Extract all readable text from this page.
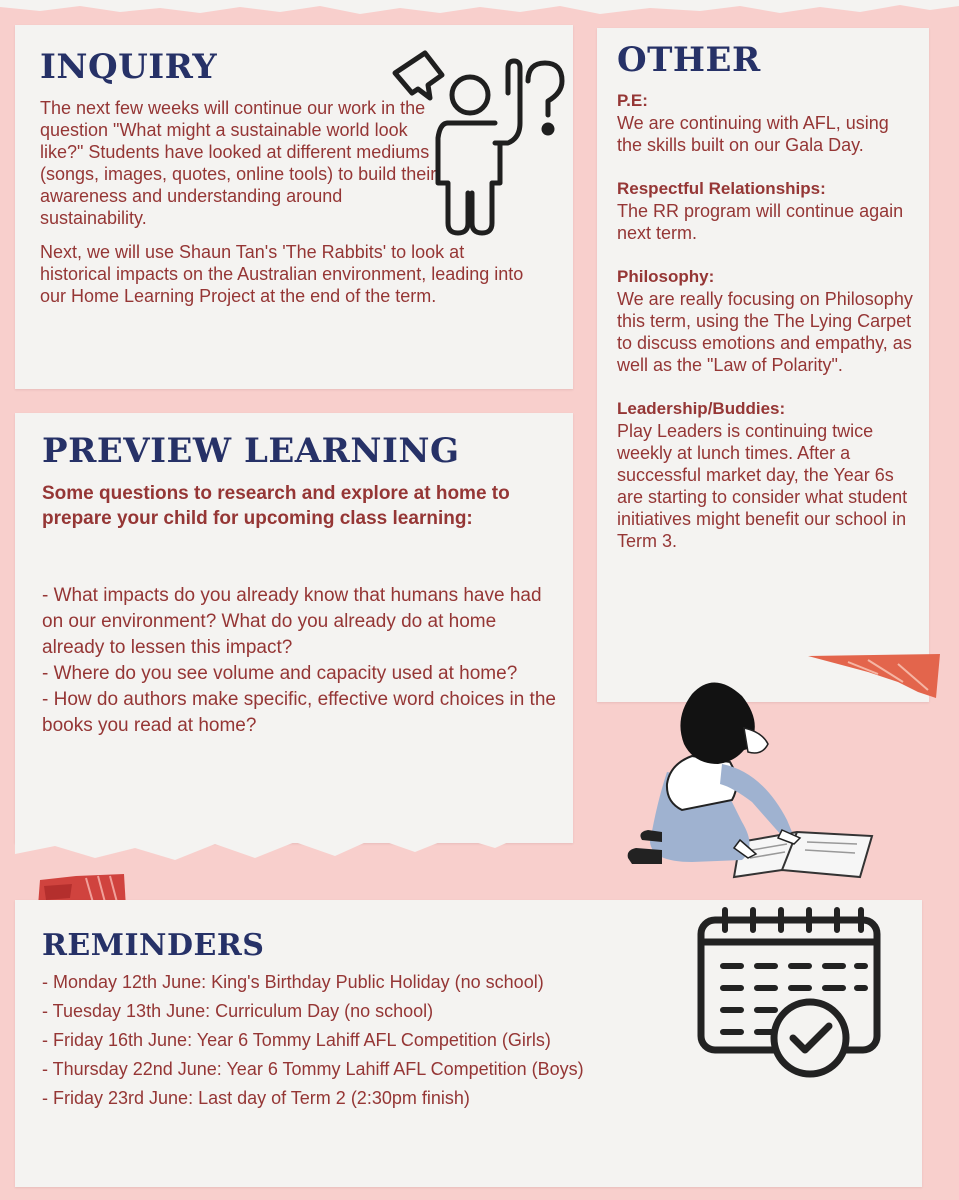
INQUIRY

The next few weeks will continue our work in the question "What might a sustainable world look like?" Students have looked at different mediums (songs, images, quotes, online tools) to build their awareness and understanding around sustainability.

Next, we will use Shaun Tan's 'The Rabbits' to look at historical impacts on the Australian environment, leading into our Home Learning Project at the end of the term.

PREVIEW LEARNING

Some questions to research and explore at home to prepare your child for upcoming class learning:

- What impacts do you already know that humans have had on our environment? What do you already do at home already to lessen this impact?
- Where do you see volume and capacity used at home?
- How do authors make specific, effective word choices in the books you read at home?
OTHER
P.E:
We are continuing with AFL, using the skills built on our Gala Day.
Respectful Relationships:
The RR program will continue again next term.
Philosophy:
We are really focusing on Philosophy this term, using the The Lying Carpet to discuss emotions and empathy, as well as the "Law of Polarity".
Leadership/Buddies:
Play Leaders is continuing twice weekly at lunch times. After a successful market day, the Year 6s are starting to consider what student initiatives might benefit our school in Term 3.
REMINDERS
- Monday 12th June: King's Birthday Public Holiday (no school)
- Tuesday 13th June: Curriculum Day (no school)
- Friday 16th June: Year 6 Tommy Lahiff AFL Competition (Girls)
- Thursday 22nd June: Year 6 Tommy Lahiff AFL Competition (Boys)
- Friday 23rd June: Last day of Term 2 (2:30pm finish)
